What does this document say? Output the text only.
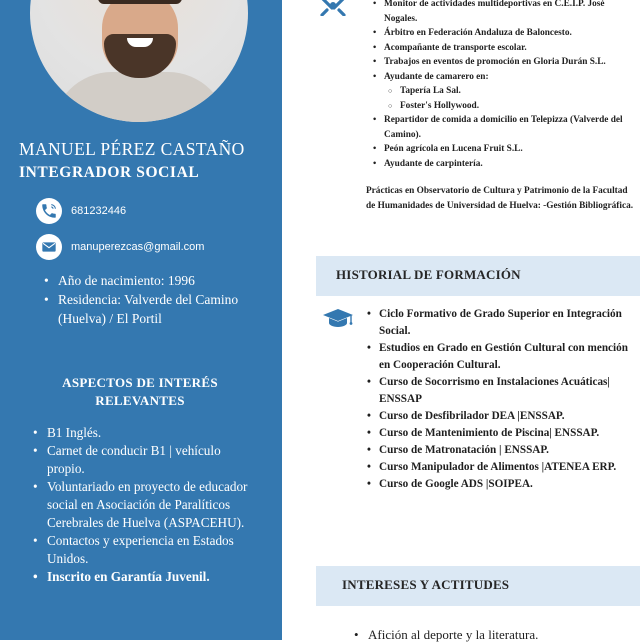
MANUEL PÉREZ CASTAÑO
INTEGRADOR SOCIAL
681232446
manuperezcas@gmail.com
• Año de nacimiento: 1996
• Residencia: Valverde del Camino (Huelva) / El Portil
ASPECTOS DE INTERÉS RELEVANTES
• B1 Inglés.
• Carnet de conducir B1 | vehículo propio.
• Voluntariado en proyecto de educador social en Asociación de Paralíticos Cerebrales de Huelva (ASPACEHU).
• Contactos y experiencia en Estados Unidos.
• Inscrito en Garantía Juvenil.
• Monitor de actividades multideportivas en C.E.I.P. José Nogales.
• Árbitro en Federación Andaluza de Baloncesto.
• Acompañante de transporte escolar.
• Trabajos en eventos de promoción en Gloria Durán S.L.
• Ayudante de camarero en:
○ Tapería La Sal.
○ Foster's Hollywood.
• Repartidor de comida a domicilio en Telepizza (Valverde del Camino).
• Peón agrícola en Lucena Fruit S.L.
• Ayudante de carpintería.
Prácticas en Observatorio de Cultura y Patrimonio de la Facultad de Humanidades de Universidad de Huelva: -Gestión Bibliográfica.
HISTORIAL DE FORMACIÓN
• Ciclo Formativo de Grado Superior en Integración Social.
• Estudios en Grado en Gestión Cultural con mención en Cooperación Cultural.
• Curso de Socorrismo en Instalaciones Acuáticas| ENSSAP
• Curso de Desfibrilador DEA |ENSSAP.
• Curso de Mantenimiento de Piscina| ENSSAP.
• Curso de Matronatación | ENSSAP.
• Curso Manipulador de Alimentos |ATENEA ERP.
• Curso de Google ADS |SOIPEA.
INTERESES Y ACTITUDES
• Afición al deporte y la literatura.
